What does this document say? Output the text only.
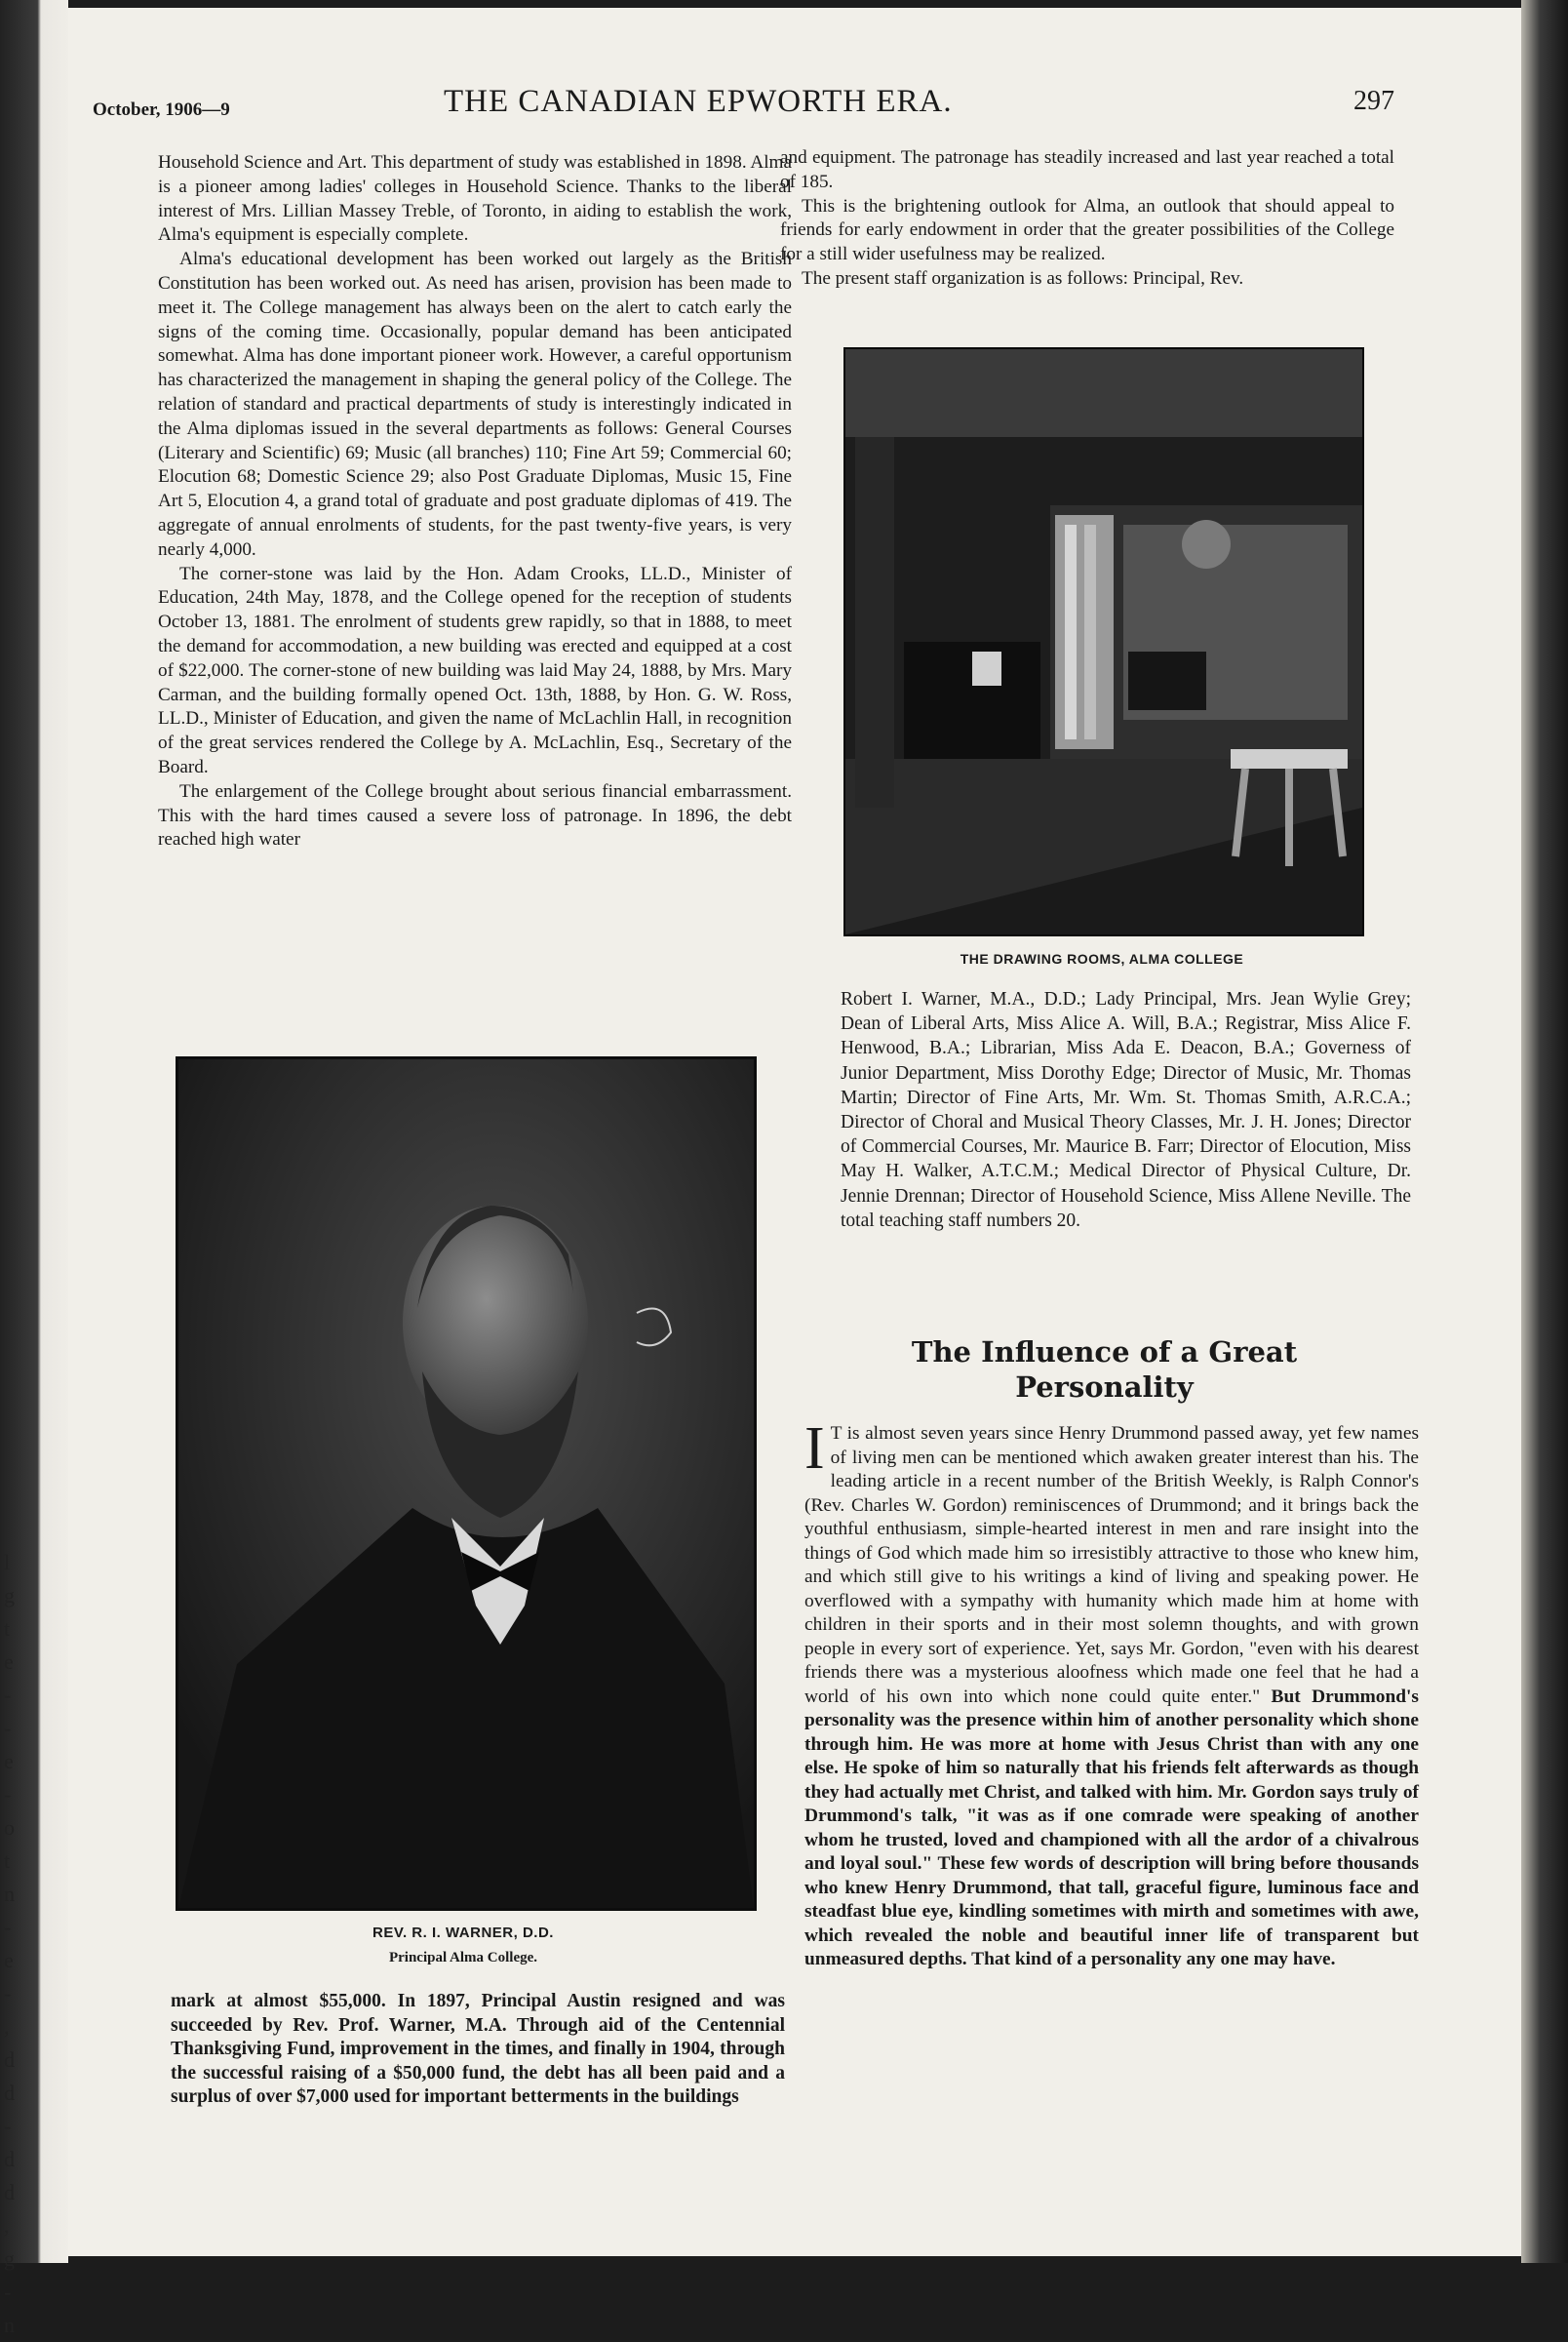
l
g
t
e
-
-
e
-
o
t
n
-
e
-
,
d
d
-
d
d
,
g
-
n
October, 1906—9	THE CANADIAN EPWORTH ERA.	297

Household Science and Art. This department of study was established in 1898. Alma is a pioneer among ladies' colleges in Household Science. Thanks to the liberal interest of Mrs. Lillian Massey Treble, of Toronto, in aiding to establish the work, Alma's equipment is especially complete.

Alma's educational development has been worked out largely as the British Constitution has been worked out. As need has arisen, provision has been made to meet it. The College management has always been on the alert to catch early the signs of the coming time. Occasionally, popular demand has been anticipated somewhat. Alma has done important pioneer work. However, a careful opportunism has characterized the management in shaping the general policy of the College. The relation of standard and practical departments of study is interestingly indicated in the Alma diplomas issued in the several departments as follows: General Courses (Literary and Scientific) 69; Music (all branches) 110; Fine Art 59; Commercial 60; Elocution 68; Domestic Science 29; also Post Graduate Diplomas, Music 15, Fine Art 5, Elocution 4, a grand total of graduate and post graduate diplomas of 419. The aggregate of annual enrolments of students, for the past twenty-five years, is very nearly 4,000.

The corner-stone was laid by the Hon. Adam Crooks, LL.D., Minister of Education, 24th May, 1878, and the College opened for the reception of students October 13, 1881. The enrolment of students grew rapidly, so that in 1888, to meet the demand for accommodation, a new building was erected and equipped at a cost of $22,000. The corner-stone of new building was laid May 24, 1888, by Mrs. Mary Carman, and the building formally opened Oct. 13th, 1888, by Hon. G. W. Ross, LL.D., Minister of Education, and given the name of McLachlin Hall, in recognition of the great services rendered the College by A. McLachlin, Esq., Secretary of the Board.

The enlargement of the College brought about serious financial embarrassment. This with the hard times caused a severe loss of patronage. In 1896, the debt reached high water

REV. R. I. WARNER, D.D.
Principal Alma College.

mark at almost $55,000. In 1897, Principal Austin resigned and was succeeded by Rev. Prof. Warner, M.A. Through aid of the Centennial Thanksgiving Fund, improvement in the times, and finally in 1904, through the successful raising of a $50,000 fund, the debt has all been paid and a surplus of over $7,000 used for important betterments in the buildings

and equipment. The patronage has steadily increased and last year reached a total of 185.

This is the brightening outlook for Alma, an outlook that should appeal to friends for early endowment in order that the greater possibilities of the College for a still wider usefulness may be realized.

The present staff organization is as follows: Principal, Rev.

THE DRAWING ROOMS, ALMA COLLEGE

Robert I. Warner, M.A., D.D.; Lady Principal, Mrs. Jean Wylie Grey; Dean of Liberal Arts, Miss Alice A. Will, B.A.; Registrar, Miss Alice F. Henwood, B.A.; Librarian, Miss Ada E. Deacon, B.A.; Governess of Junior Department, Miss Dorothy Edge; Director of Music, Mr. Thomas Martin; Director of Fine Arts, Mr. Wm. St. Thomas Smith, A.R.C.A.; Director of Choral and Musical Theory Classes, Mr. J. H. Jones; Director of Commercial Courses, Mr. Maurice B. Farr; Director of Elocution, Miss May H. Walker, A.T.C.M.; Medical Director of Physical Culture, Dr. Jennie Drennan; Director of Household Science, Miss Allene Neville. The total teaching staff numbers 20.

The Influence of a Great
Personality

I T is almost seven years since Henry Drummond passed away, yet few names of living men can be mentioned which awaken greater interest than his. The leading article in a recent number of the British Weekly, is Ralph Connor's (Rev. Charles W. Gordon) reminiscences of Drummond; and it brings back the youthful enthusiasm, simple-hearted interest in men and rare insight into the things of God which made him so irresistibly attractive to those who knew him, and which still give to his writings a kind of living and speaking power. He overflowed with a sympathy with humanity which made him at home with children in their sports and in their most solemn thoughts, and with grown people in every sort of experience. Yet, says Mr. Gordon, "even with his dearest friends there was a mysterious aloofness which made one feel that he had a world of his own into which none could quite enter." But Drummond's personality was the presence within him of another personality which shone through him. He was more at home with Jesus Christ than with any one else. He spoke of him so naturally that his friends felt afterwards as though they had actually met Christ, and talked with him. Mr. Gordon says truly of Drummond's talk, "it was as if one comrade were speaking of another whom he trusted, loved and championed with all the ardor of a chivalrous and loyal soul." These few words of description will bring before thousands who knew Henry Drummond, that tall, graceful figure, luminous face and steadfast blue eye, kindling sometimes with mirth and sometimes with awe, which revealed the noble and beautiful inner life of transparent but unmeasured depths. That kind of a personality any one may have.
